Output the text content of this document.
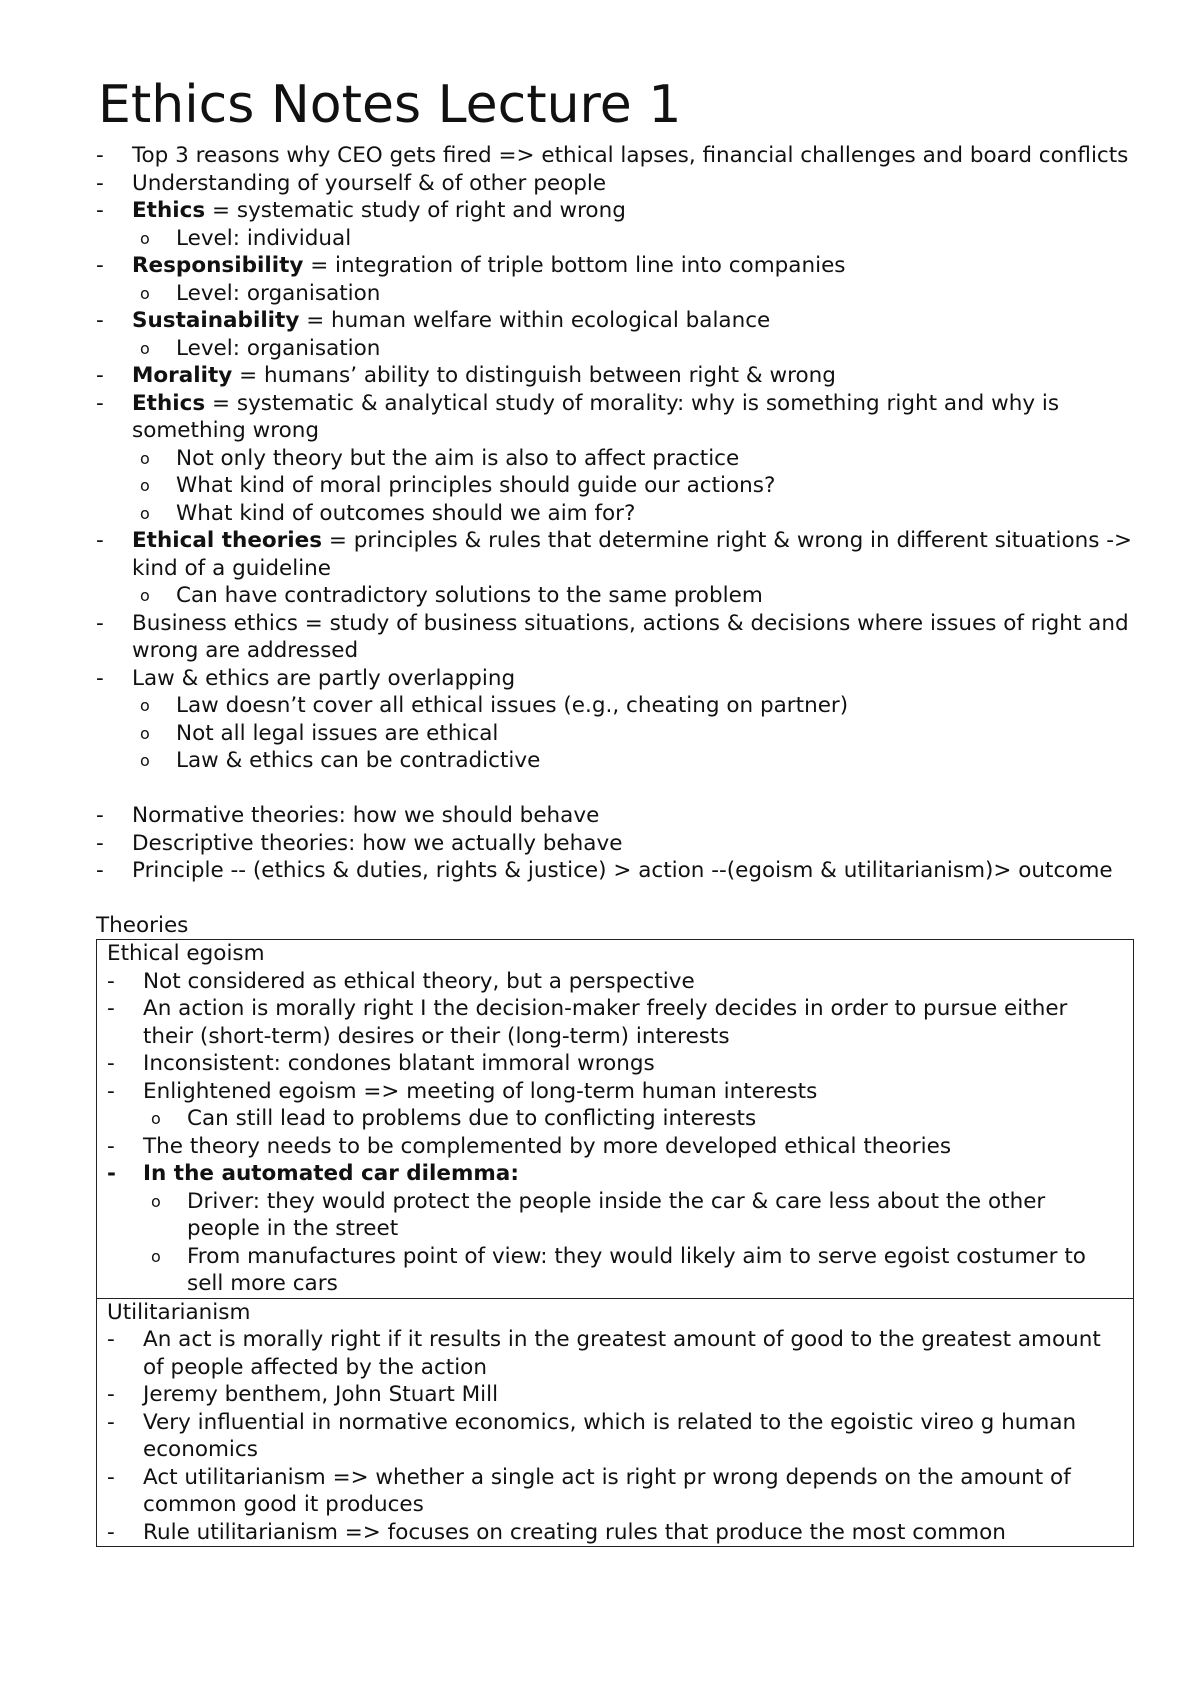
Ethics Notes Lecture 1
- Top 3 reasons why CEO gets fired => ethical lapses, financial challenges and board conflicts
- Understanding of yourself & of other people
- Ethics = systematic study of right and wrong
o Level: individual
- Responsibility = integration of triple bottom line into companies
o Level: organisation
- Sustainability = human welfare within ecological balance
o Level: organisation
- Morality = humans’ ability to distinguish between right & wrong
- Ethics = systematic & analytical study of morality: why is something right and why is something wrong
o Not only theory but the aim is also to affect practice
o What kind of moral principles should guide our actions?
o What kind of outcomes should we aim for?
- Ethical theories = principles & rules that determine right & wrong in different situations -> kind of a guideline
o Can have contradictory solutions to the same problem
- Business ethics = study of business situations, actions & decisions where issues of right and wrong are addressed
- Law & ethics are partly overlapping
o Law doesn’t cover all ethical issues (e.g., cheating on partner)
o Not all legal issues are ethical
o Law & ethics can be contradictive
- Normative theories: how we should behave
- Descriptive theories: how we actually behave
- Principle -- (ethics & duties, rights & justice) > action --(egoism & utilitarianism)> outcome
Theories
Ethical egoism
- Not considered as ethical theory, but a perspective
- An action is morally right I the decision-maker freely decides in order to pursue either their (short-term) desires or their (long-term) interests
- Inconsistent: condones blatant immoral wrongs
- Enlightened egoism => meeting of long-term human interests
o Can still lead to problems due to conflicting interests
- The theory needs to be complemented by more developed ethical theories
- In the automated car dilemma:
o Driver: they would protect the people inside the car & care less about the other people in the street
o From manufactures point of view: they would likely aim to serve egoist costumer to sell more cars
Utilitarianism
- An act is morally right if it results in the greatest amount of good to the greatest amount of people affected by the action
- Jeremy benthem, John Stuart Mill
- Very influential in normative economics, which is related to the egoistic vireo g human economics
- Act utilitarianism => whether a single act is right pr wrong depends on the amount of common good it produces
- Rule utilitarianism => focuses on creating rules that produce the most common
